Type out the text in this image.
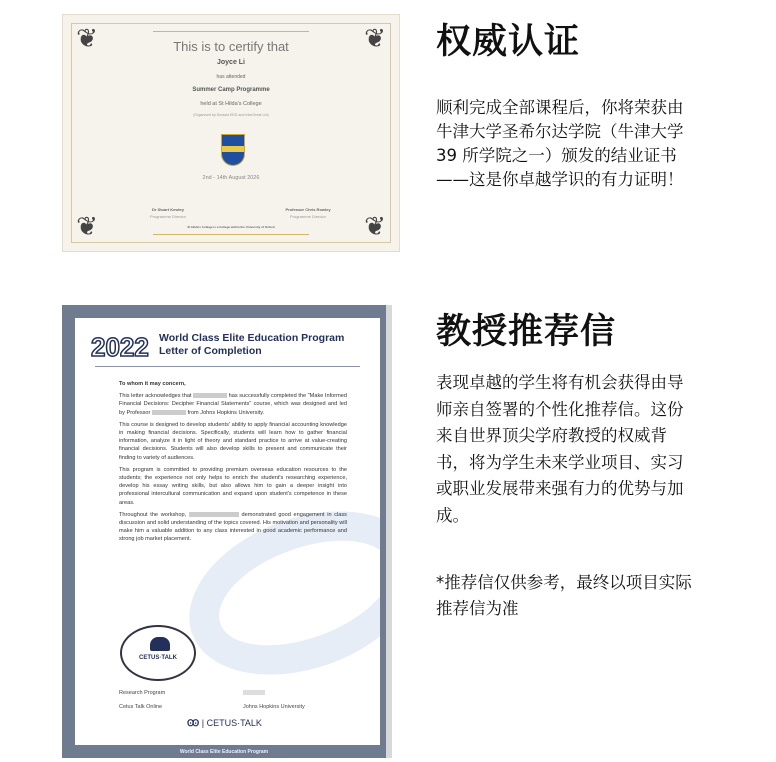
❦	❦
❦	❦
This is to certify that
Joyce Li
has attended
Summer Camp Programme
held at St Hilda's College
(Organised by Eurasia EED and InterGreat Ltd)
2nd - 14th August 2026
Dr Stuart Kewley
Programme Director
Professor Chris Rowley
Programme Director
St Hilda's College is a College within the University of Oxford
2022 World Class Elite Education Program
Letter of Completion

To whom it may concern,

This letter acknowledges that	has successfully completed the "Make Informed Financial Decisions: Decipher Financial Statements" course, which was designed and led by Professor	from Johns Hopkins University.

This course is designed to develop students' ability to apply financial accounting knowledge in making financial decisions. Specifically, students will learn how to gather financial information, analyze it in light of theory and standard practice to arrive at value-creating financial decisions. Students will also develop skills to present and communicate their finding to variety of audiences.

This program is committed to providing premium overseas education resources to the students; the experience not only helps to enrich the student's researching experience, develop his essay writing skills, but also allows him to gain a deeper insight into professional intercultural communication and expand upon student's competence in these areas.

Throughout the workshop,	demonstrated good engagement in class discussion and solid understanding of the topics covered. His motivation and personality will make him a valuable addition to any class interested in good academic performance and strong job market placement.

CETUS·TALK
Research Program
Cetus Talk Online	Johns Hopkins University
Ꙭ | CETUS·TALK
World Class Elite Education Program
权威认证
顺利完成全部课程后，你将荣获由
牛津大学圣希尔达学院（牛津大学
39 所学院之一）颁发的结业证书
——这是你卓越学识的有力证明！
教授推荐信
表现卓越的学生将有机会获得由导
师亲自签署的个性化推荐信。这份
来自世界顶尖学府教授的权威背
书，将为学生未来学业项目、实习
或职业发展带来强有力的优势与加
成。
*推荐信仅供参考，最终以项目实际
推荐信为准
